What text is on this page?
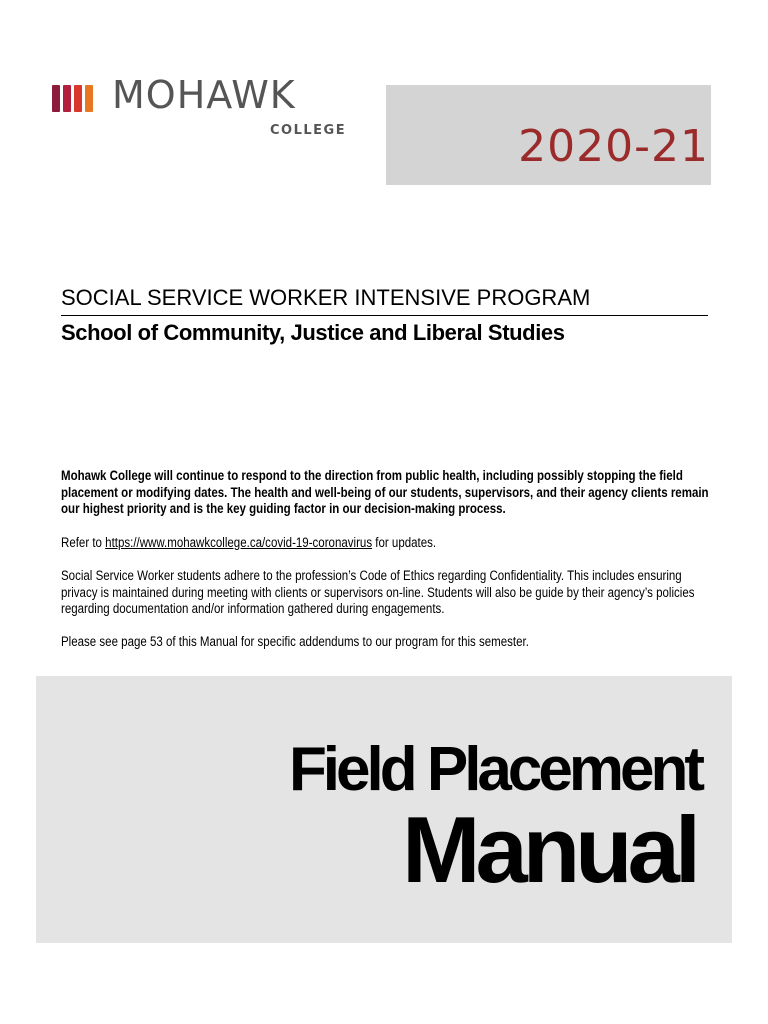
MOHAWK
COLLEGE	2020-21
SOCIAL SERVICE WORKER INTENSIVE PROGRAM
School of Community, Justice and Liberal Studies
Mohawk College will continue to respond to the direction from public health, including possibly stopping the field placement or modifying dates. The health and well-being of our students, supervisors, and their agency clients remain our highest priority and is the key guiding factor in our decision-making process.
Refer to https://www.mohawkcollege.ca/covid-19-coronavirus for updates.
Social Service Worker students adhere to the profession’s Code of Ethics regarding Confidentiality. This includes ensuring privacy is maintained during meeting with clients or supervisors on-line. Students will also be guide by their agency’s policies regarding documentation and/or information gathered during engagements.
Please see page 53 of this Manual for specific addendums to our program for this semester.
Field Placement
Manual
